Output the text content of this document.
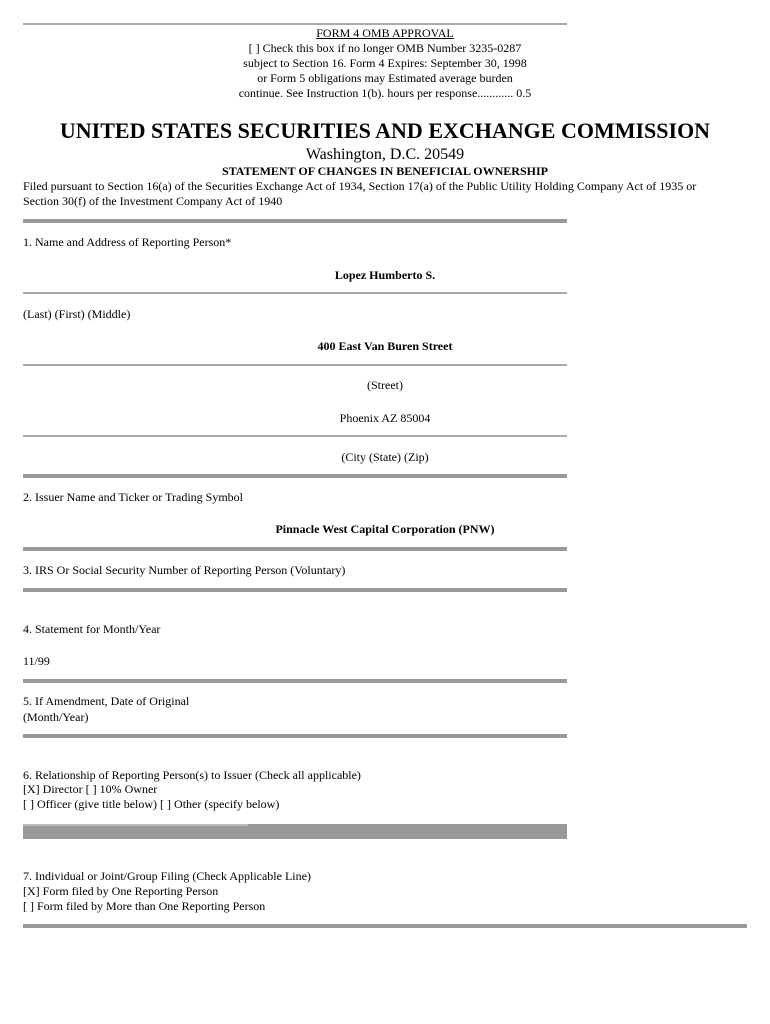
FORM 4 OMB APPROVAL
[ ] Check this box if no longer OMB Number 3235-0287
subject to Section 16. Form 4 Expires: September 30, 1998
or Form 5 obligations may Estimated average burden
continue. See Instruction 1(b). hours per response............ 0.5
UNITED STATES SECURITIES AND EXCHANGE COMMISSION
Washington, D.C. 20549
STATEMENT OF CHANGES IN BENEFICIAL OWNERSHIP
Filed pursuant to Section 16(a) of the Securities Exchange Act of 1934, Section 17(a) of the Public Utility Holding Company Act of 1935 or
Section 30(f) of the Investment Company Act of 1940
1. Name and Address of Reporting Person*
Lopez Humberto S.
(Last) (First) (Middle)
400 East Van Buren Street
(Street)
Phoenix AZ 85004
(City (State) (Zip)
2. Issuer Name and Ticker or Trading Symbol
Pinnacle West Capital Corporation (PNW)
3. IRS Or Social Security Number of Reporting Person (Voluntary)
4. Statement for Month/Year
11/99
5. If Amendment, Date of Original
(Month/Year)
6. Relationship of Reporting Person(s) to Issuer (Check all applicable)
[X] Director [ ] 10% Owner
[ ] Officer (give title below) [ ] Other (specify below)
7. Individual or Joint/Group Filing (Check Applicable Line)
[X] Form filed by One Reporting Person
[ ] Form filed by More than One Reporting Person
